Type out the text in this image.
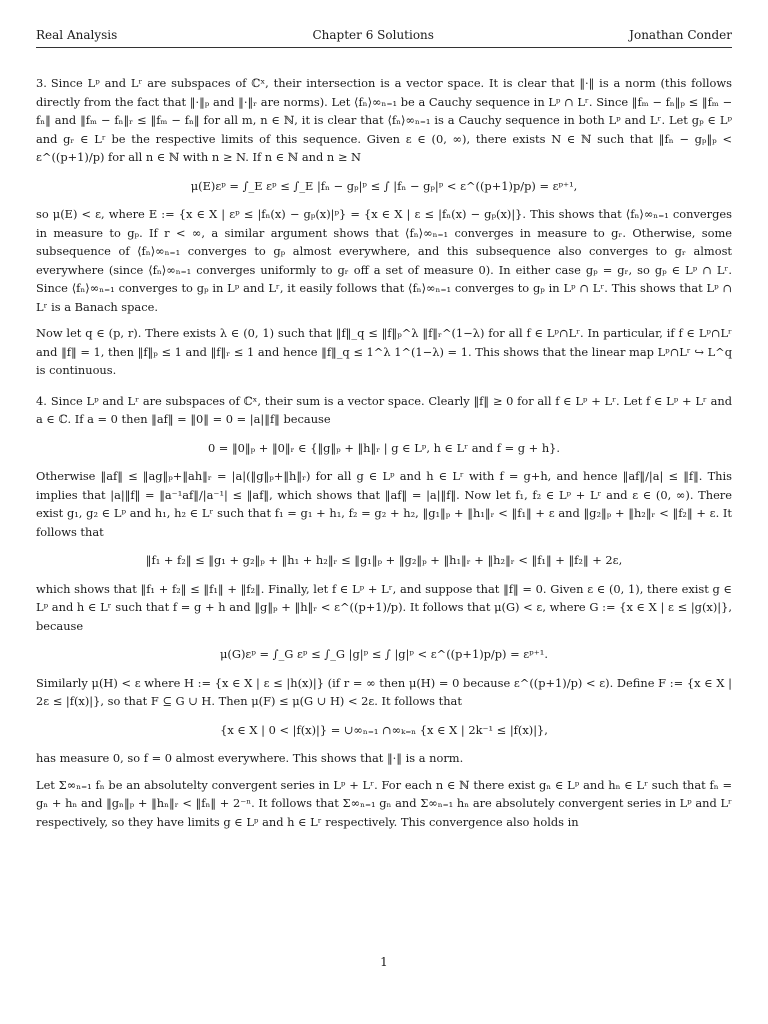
Real Analysis	Chapter 6 Solutions	Jonathan Conder

3. Since Lᵖ and Lʳ are subspaces of ℂˣ, their intersection is a vector space. It is clear that ‖·‖ is a norm (this follows directly from the fact that ‖·‖ₚ and ‖·‖ᵣ are norms). Let ⟨fₙ⟩∞ₙ₌₁ be a Cauchy sequence in Lᵖ ∩ Lʳ. Since ‖fₘ − fₙ‖ₚ ≤ ‖fₘ − fₙ‖ and ‖fₘ − fₙ‖ᵣ ≤ ‖fₘ − fₙ‖ for all m, n ∈ ℕ, it is clear that ⟨fₙ⟩∞ₙ₌₁ is a Cauchy sequence in both Lᵖ and Lʳ. Let gₚ ∈ Lᵖ and gᵣ ∈ Lʳ be the respective limits of this sequence. Given ε ∈ (0, ∞), there exists N ∈ ℕ such that ‖fₙ − gₚ‖ₚ < ε^((p+1)/p) for all n ∈ ℕ with n ≥ N. If n ∈ ℕ and n ≥ N

μ(E)εᵖ = ∫_E εᵖ ≤ ∫_E |fₙ − gₚ|ᵖ ≤ ∫ |fₙ − gₚ|ᵖ < ε^((p+1)p/p) = εᵖ⁺¹,

so μ(E) < ε, where E := {x ∈ X | εᵖ ≤ |fₙ(x) − gₚ(x)|ᵖ} = {x ∈ X | ε ≤ |fₙ(x) − gₚ(x)|}. This shows that ⟨fₙ⟩∞ₙ₌₁ converges in measure to gₚ. If r < ∞, a similar argument shows that ⟨fₙ⟩∞ₙ₌₁ converges in measure to gᵣ. Otherwise, some subsequence of ⟨fₙ⟩∞ₙ₌₁ converges to gₚ almost everywhere, and this subsequence also converges to gᵣ almost everywhere (since ⟨fₙ⟩∞ₙ₌₁ converges uniformly to gᵣ off a set of measure 0). In either case gₚ = gᵣ, so gₚ ∈ Lᵖ ∩ Lʳ. Since ⟨fₙ⟩∞ₙ₌₁ converges to gₚ in Lᵖ and Lʳ, it easily follows that ⟨fₙ⟩∞ₙ₌₁ converges to gₚ in Lᵖ ∩ Lʳ. This shows that Lᵖ ∩ Lʳ is a Banach space.

Now let q ∈ (p, r). There exists λ ∈ (0, 1) such that ‖f‖_q ≤ ‖f‖ₚ^λ ‖f‖ᵣ^(1−λ) for all f ∈ Lᵖ∩Lʳ. In particular, if f ∈ Lᵖ∩Lʳ and ‖f‖ = 1, then ‖f‖ₚ ≤ 1 and ‖f‖ᵣ ≤ 1 and hence ‖f‖_q ≤ 1^λ 1^(1−λ) = 1. This shows that the linear map Lᵖ∩Lʳ ↪ L^q is continuous.

4. Since Lᵖ and Lʳ are subspaces of ℂˣ, their sum is a vector space. Clearly ‖f‖ ≥ 0 for all f ∈ Lᵖ + Lʳ. Let f ∈ Lᵖ + Lʳ and a ∈ ℂ. If a = 0 then ‖af‖ = ‖0‖ = 0 = |a|‖f‖ because

0 = ‖0‖ₚ + ‖0‖ᵣ ∈ {‖g‖ₚ + ‖h‖ᵣ | g ∈ Lᵖ, h ∈ Lʳ and f = g + h}.

Otherwise ‖af‖ ≤ ‖ag‖ₚ+‖ah‖ᵣ = |a|(‖g‖ₚ+‖h‖ᵣ) for all g ∈ Lᵖ and h ∈ Lʳ with f = g+h, and hence ‖af‖/|a| ≤ ‖f‖. This implies that |a|‖f‖ = ‖a⁻¹af‖/|a⁻¹| ≤ ‖af‖, which shows that ‖af‖ = |a|‖f‖. Now let f₁, f₂ ∈ Lᵖ + Lʳ and ε ∈ (0, ∞). There exist g₁, g₂ ∈ Lᵖ and h₁, h₂ ∈ Lʳ such that f₁ = g₁ + h₁, f₂ = g₂ + h₂, ‖g₁‖ₚ + ‖h₁‖ᵣ < ‖f₁‖ + ε and ‖g₂‖ₚ + ‖h₂‖ᵣ < ‖f₂‖ + ε. It follows that

‖f₁ + f₂‖ ≤ ‖g₁ + g₂‖ₚ + ‖h₁ + h₂‖ᵣ ≤ ‖g₁‖ₚ + ‖g₂‖ₚ + ‖h₁‖ᵣ + ‖h₂‖ᵣ < ‖f₁‖ + ‖f₂‖ + 2ε,

which shows that ‖f₁ + f₂‖ ≤ ‖f₁‖ + ‖f₂‖. Finally, let f ∈ Lᵖ + Lʳ, and suppose that ‖f‖ = 0. Given ε ∈ (0, 1), there exist g ∈ Lᵖ and h ∈ Lʳ such that f = g + h and ‖g‖ₚ + ‖h‖ᵣ < ε^((p+1)/p). It follows that μ(G) < ε, where G := {x ∈ X | ε ≤ |g(x)|}, because

μ(G)εᵖ = ∫_G εᵖ ≤ ∫_G |g|ᵖ ≤ ∫ |g|ᵖ < ε^((p+1)p/p) = εᵖ⁺¹.

Similarly μ(H) < ε where H := {x ∈ X | ε ≤ |h(x)|} (if r = ∞ then μ(H) = 0 because ε^((p+1)/p) < ε). Define F := {x ∈ X | 2ε ≤ |f(x)|}, so that F ⊆ G ∪ H. Then μ(F) ≤ μ(G ∪ H) < 2ε. It follows that

{x ∈ X | 0 < |f(x)|} = ∪∞ₙ₌₁ ∩∞ₖ₌ₙ {x ∈ X | 2k⁻¹ ≤ |f(x)|},

has measure 0, so f = 0 almost everywhere. This shows that ‖·‖ is a norm.

Let Σ∞ₙ₌₁ fₙ be an absolutelty convergent series in Lᵖ + Lʳ. For each n ∈ ℕ there exist gₙ ∈ Lᵖ and hₙ ∈ Lʳ such that fₙ = gₙ + hₙ and ‖gₙ‖ₚ + ‖hₙ‖ᵣ < ‖fₙ‖ + 2⁻ⁿ. It follows that Σ∞ₙ₌₁ gₙ and Σ∞ₙ₌₁ hₙ are absolutely convergent series in Lᵖ and Lʳ respectively, so they have limits g ∈ Lᵖ and h ∈ Lʳ respectively. This convergence also holds in

1
